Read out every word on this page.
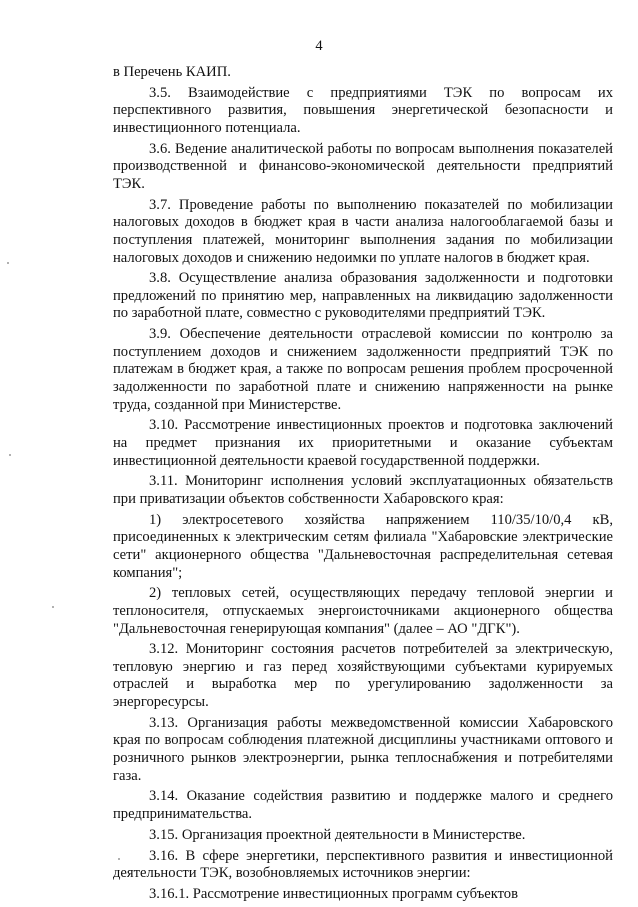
4

в Перечень КАИП.

3.5. Взаимодействие с предприятиями ТЭК по вопросам их перспективного развития, повышения энергетической безопасности и инвестиционного потенциала.

3.6. Ведение аналитической работы по вопросам выполнения показателей производственной и финансово-экономической деятельности предприятий ТЭК.

3.7. Проведение работы по выполнению показателей по мобилизации налоговых доходов в бюджет края в части анализа налогооблагаемой базы и поступления платежей, мониторинг выполнения задания по мобилизации налоговых доходов и снижению недоимки по уплате налогов в бюджет края.

3.8. Осуществление анализа образования задолженности и подготовки предложений по принятию мер, направленных на ликвидацию задолженности по заработной плате, совместно с руководителями предприятий ТЭК.

3.9. Обеспечение деятельности отраслевой комиссии по контролю за поступлением доходов и снижением задолженности предприятий ТЭК по платежам в бюджет края, а также по вопросам решения проблем просроченной задолженности по заработной плате и снижению напряженности на рынке труда, созданной при Министерстве.

3.10. Рассмотрение инвестиционных проектов и подготовка заключений на предмет признания их приоритетными и оказание субъектам инвестиционной деятельности краевой государственной поддержки.

3.11. Мониторинг исполнения условий эксплуатационных обязательств при приватизации объектов собственности Хабаровского края:

1) электросетевого хозяйства напряжением 110/35/10/0,4 кВ, присоединенных к электрическим сетям филиала "Хабаровские электрические сети" акционерного общества "Дальневосточная распределительная сетевая компания";

2) тепловых сетей, осуществляющих передачу тепловой энергии и теплоносителя, отпускаемых энергоисточниками акционерного общества "Дальневосточная генерирующая компания" (далее – АО "ДГК").

3.12. Мониторинг состояния расчетов потребителей за электрическую, тепловую энергию и газ перед хозяйствующими субъектами курируемых отраслей и выработка мер по урегулированию задолженности за энергоресурсы.

3.13. Организация работы межведомственной комиссии Хабаровского края по вопросам соблюдения платежной дисциплины участниками оптового и розничного рынков электроэнергии, рынка теплоснабжения и потребителями газа.

3.14. Оказание содействия развитию и поддержке малого и среднего предпринимательства.

3.15. Организация проектной деятельности в Министерстве.

3.16. В сфере энергетики, перспективного развития и инвестиционной деятельности ТЭК, возобновляемых источников энергии:

3.16.1. Рассмотрение инвестиционных программ субъектов
